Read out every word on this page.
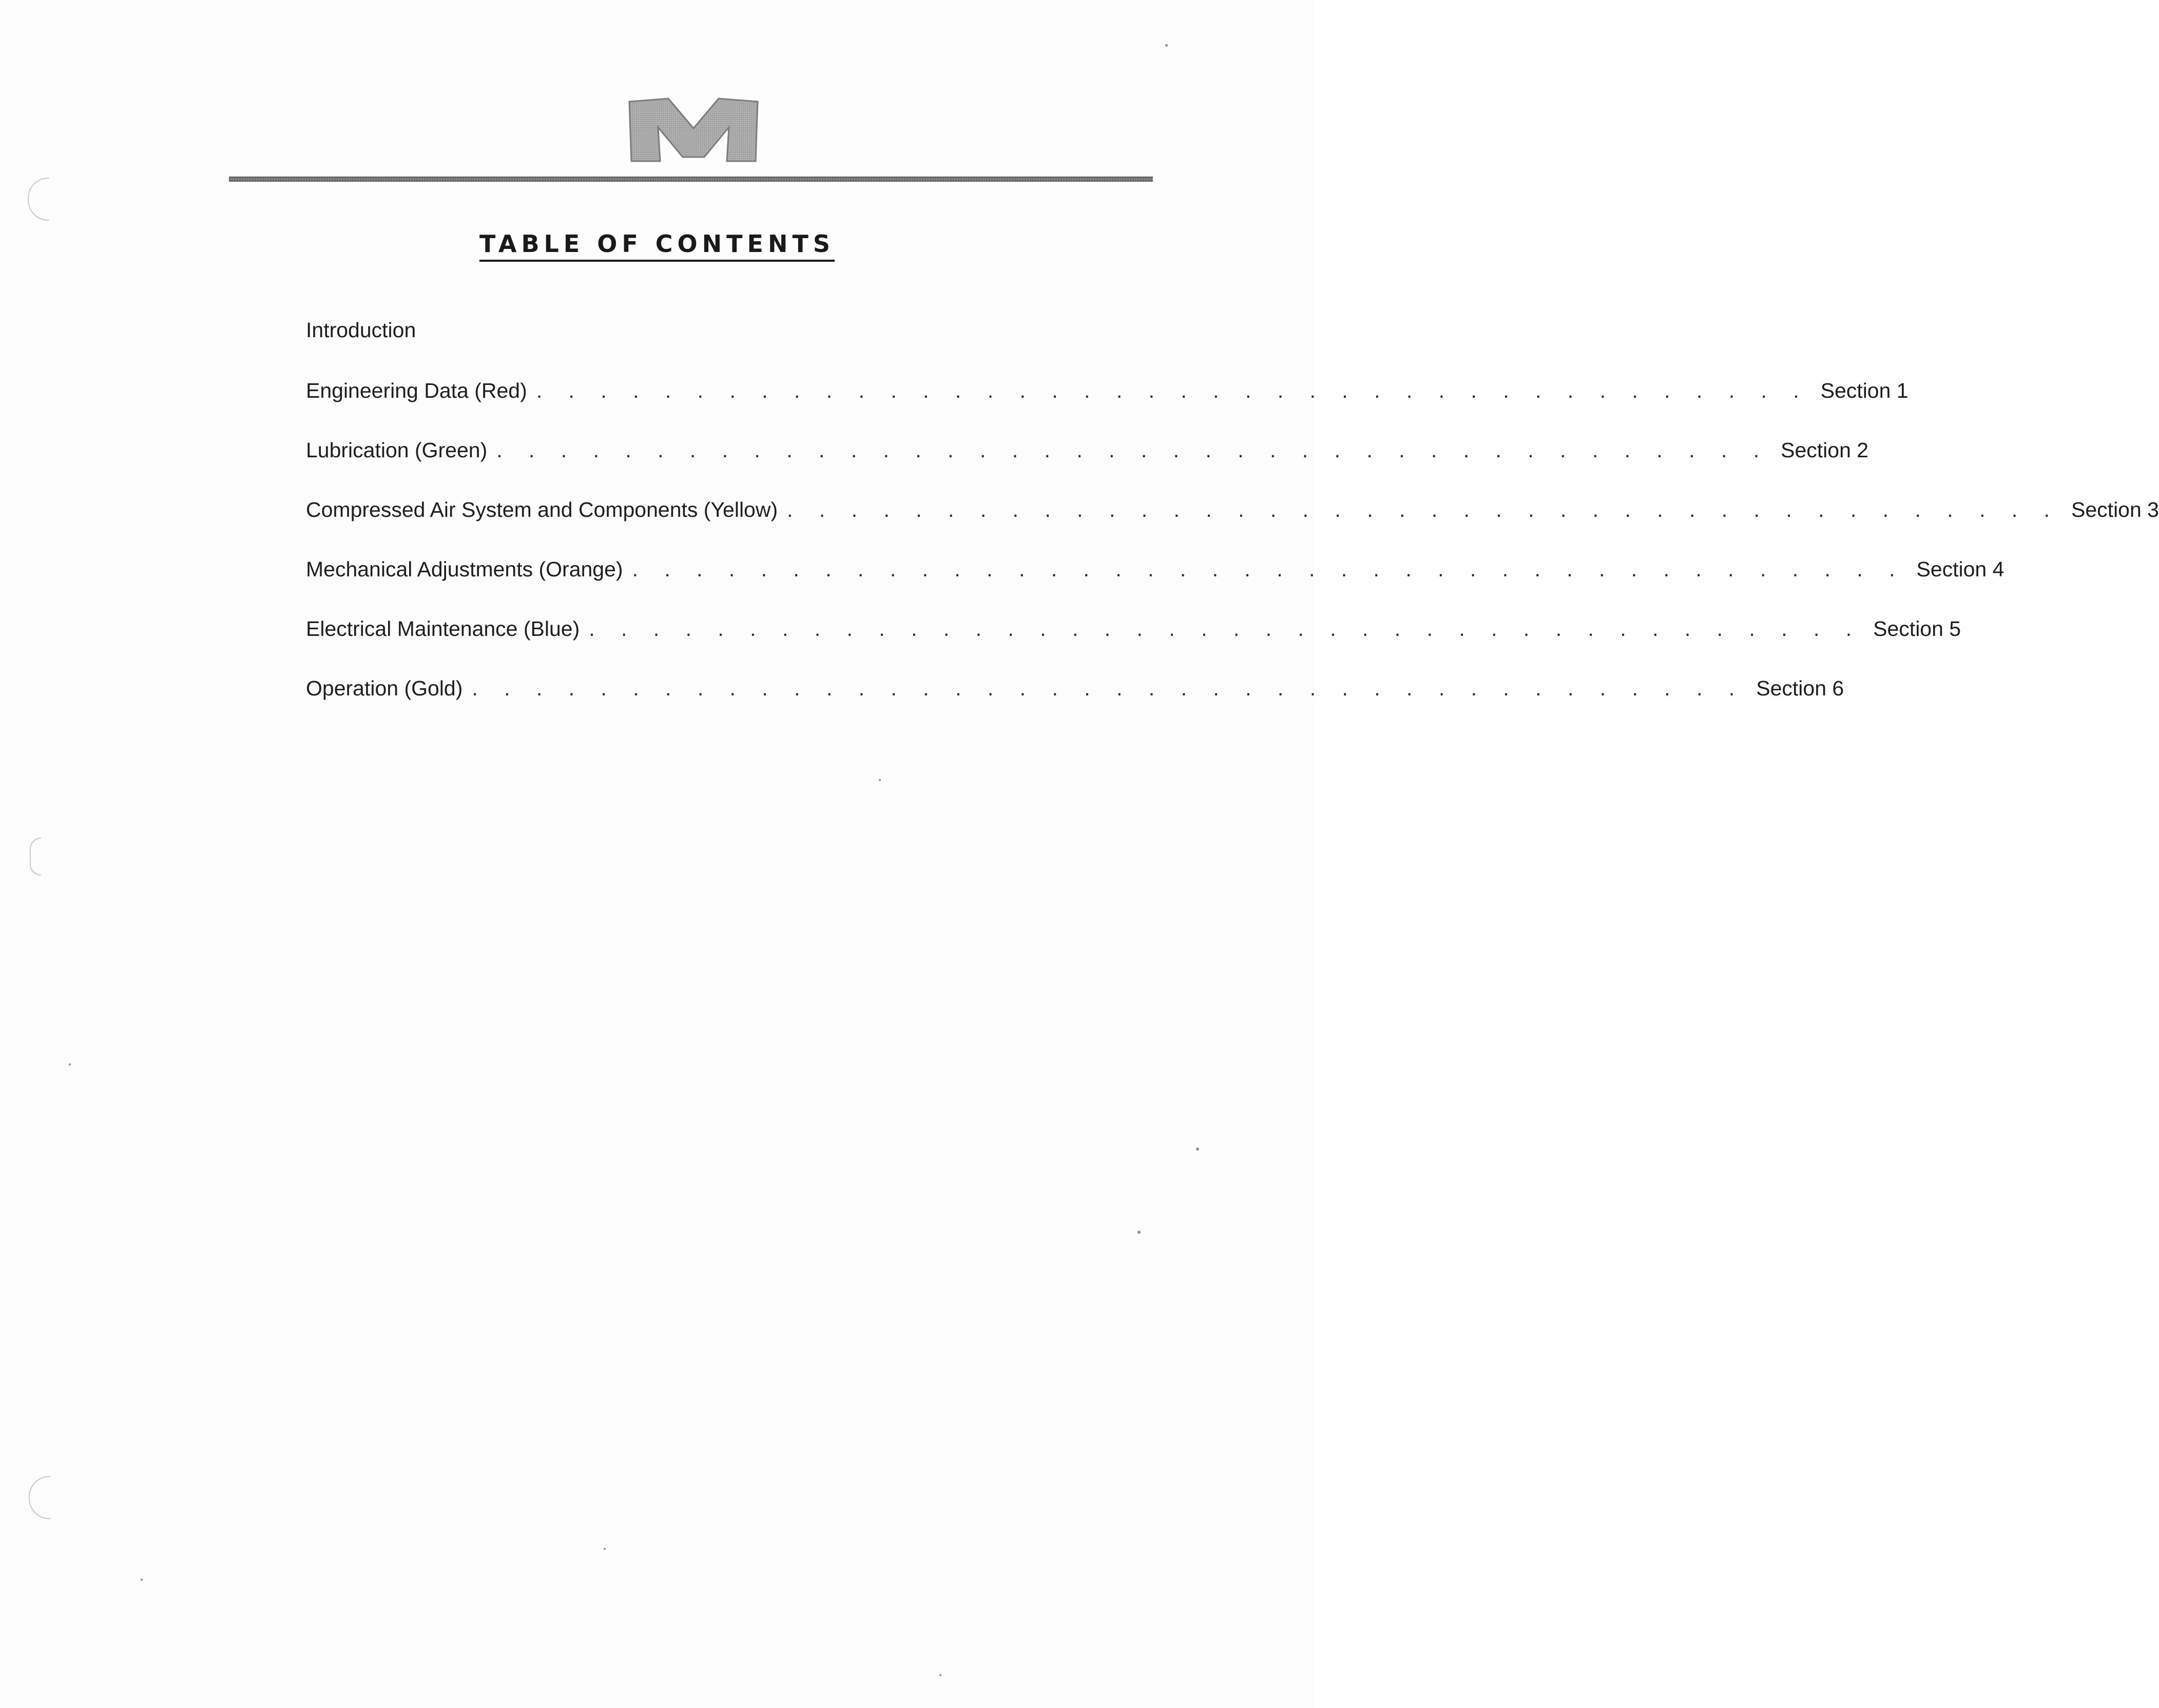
TABLE OF CONTENTS
Introduction
Engineering Data (Red) . . . . . . . . . . . . . . . . . . . . . . . . . . . . . . . . . . . . . . . . Section 1
Lubrication (Green) . . . . . . . . . . . . . . . . . . . . . . . . . . . . . . . . . . . . . . . . Section 2
Compressed Air System and Components (Yellow) . . . . . . . . . . . . . . . . . . . . . . . . . . . . . . . . . . . . . . . . Section 3
Mechanical Adjustments (Orange) . . . . . . . . . . . . . . . . . . . . . . . . . . . . . . . . . . . . . . . . Section 4
Electrical Maintenance (Blue) . . . . . . . . . . . . . . . . . . . . . . . . . . . . . . . . . . . . . . . . Section 5
Operation (Gold) . . . . . . . . . . . . . . . . . . . . . . . . . . . . . . . . . . . . . . . . Section 6
